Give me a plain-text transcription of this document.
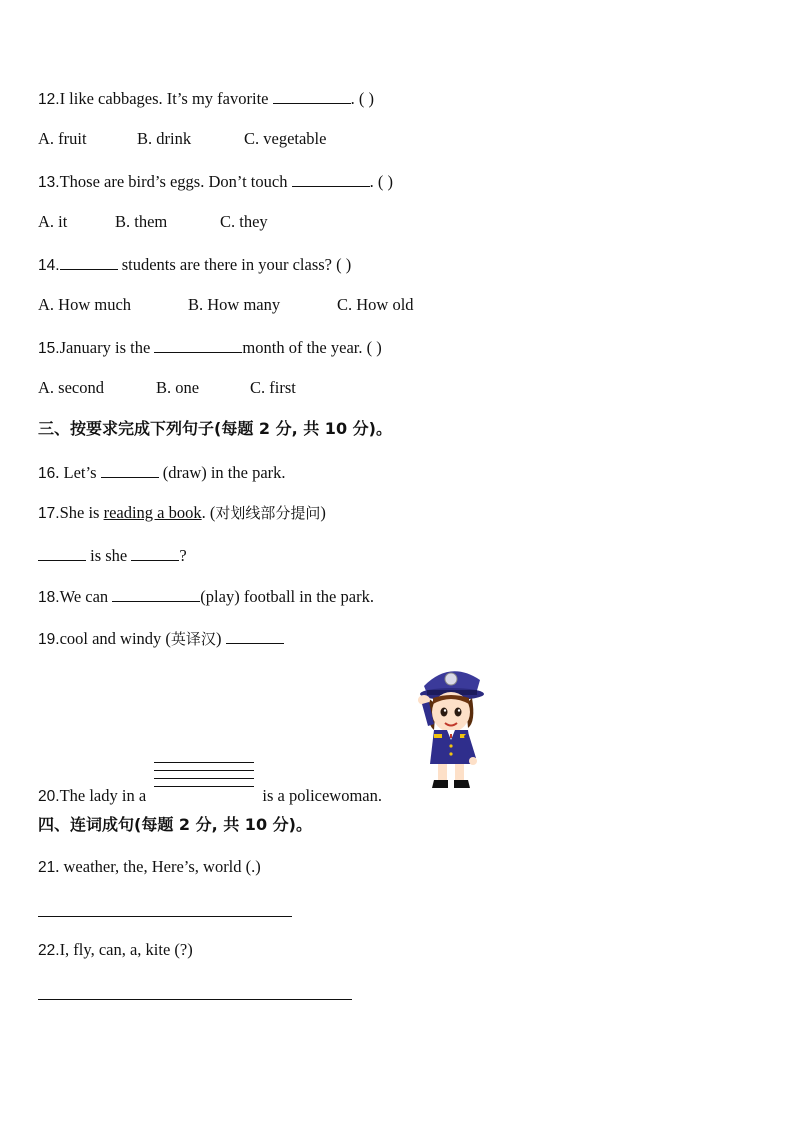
12.I like cabbages. It’s my favorite	. ( )
A. fruit	B. drink	C. vegetable
13.Those are bird’s eggs. Don’t touch	. ( )
A. it	B. them	C. they
14.	students are there in your class? ( )
A. How much	B. How many	C. How old
15.January is the	month of the year. ( )
A. second	B. one	C. first
三、按要求完成下列句子(每题 2 分, 共 10 分)。
16. Let’s	(draw) in the park.
17.She is reading a book. (对划线部分提问)
is she	?
18.We can	(play) football in the park.
19.cool and windy (英译汉)
20.The lady in a	is a policewoman.
四、连词成句(每题 2 分, 共 10 分)。
21. weather, the, Here’s, world (.)
22.I, fly, can, a, kite (?)
